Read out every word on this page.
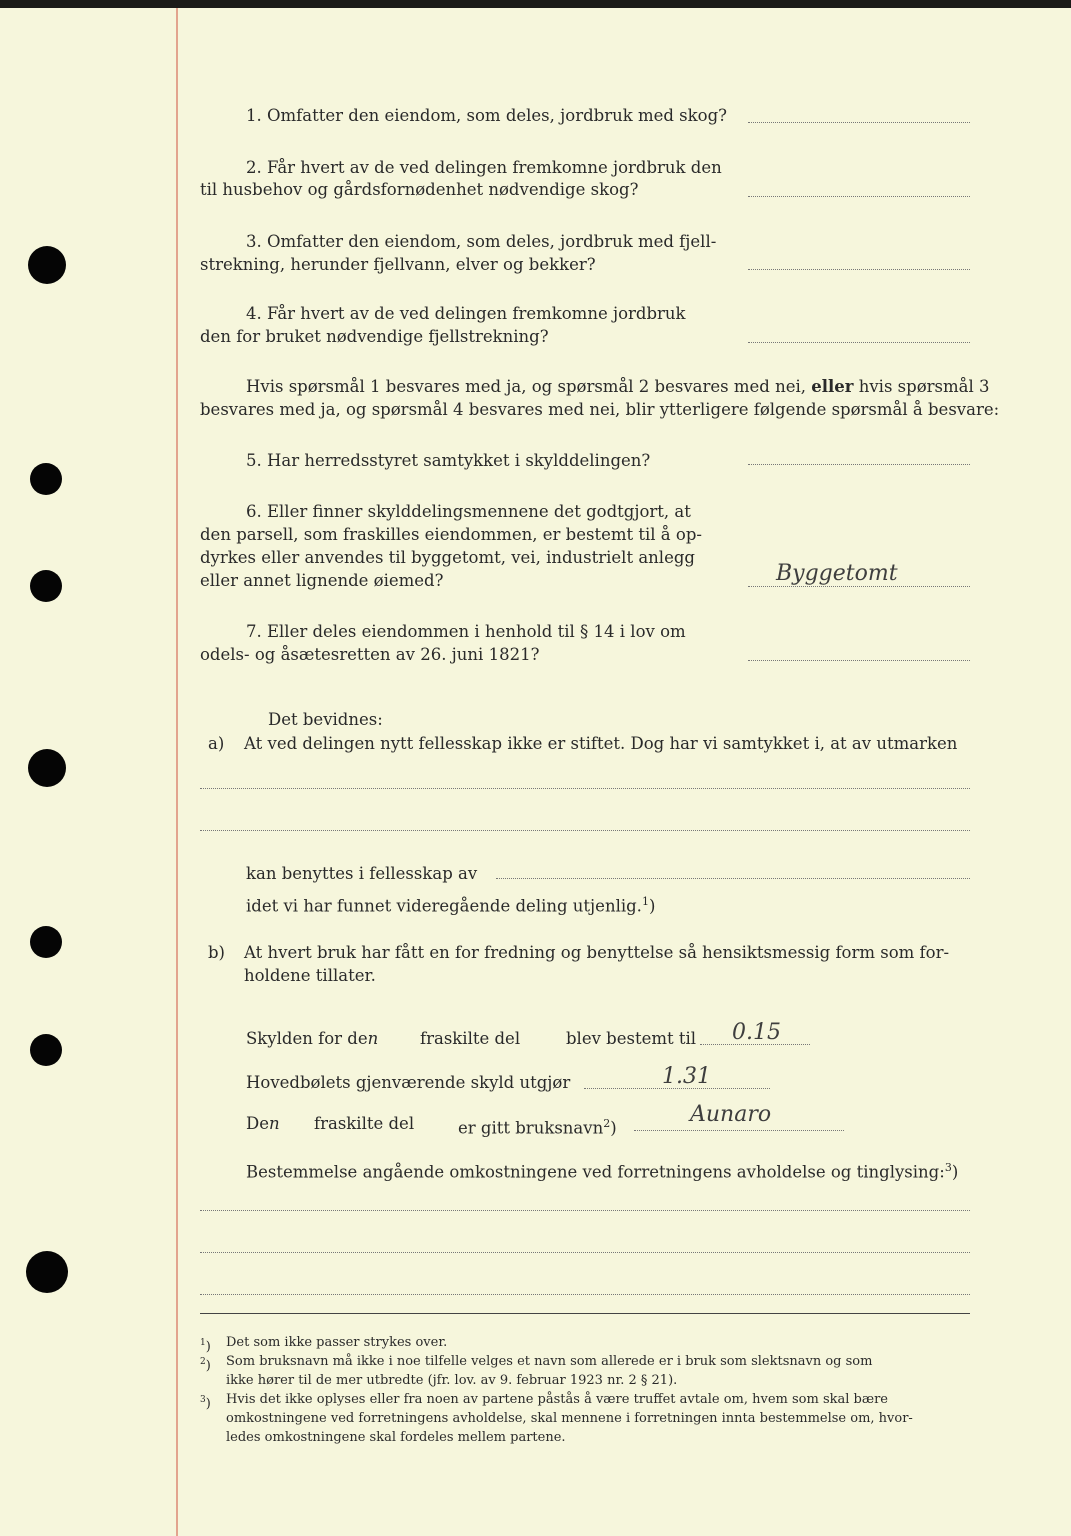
1. Omfatter den eiendom, som deles, jordbruk med skog?
2. Får hvert av de ved delingen fremkomne jordbruk den
til husbehov og gårdsfornødenhet nødvendige skog?
3. Omfatter den eiendom, som deles, jordbruk med fjell-
strekning, herunder fjellvann, elver og bekker?
4. Får hvert av de ved delingen fremkomne jordbruk
den for bruket nødvendige fjellstrekning?
Hvis spørsmål 1 besvares med ja, og spørsmål 2 besvares med nei, eller hvis spørsmål 3
besvares med ja, og spørsmål 4 besvares med nei, blir ytterligere følgende spørsmål å besvare:
5. Har herredsstyret samtykket i skylddelingen?
6. Eller finner skylddelingsmennene det godtgjort, at
den parsell, som fraskilles eiendommen, er bestemt til å op-
dyrkes eller anvendes til byggetomt, vei, industrielt anlegg
eller annet lignende øiemed?	Byggetomt
7. Eller deles eiendommen i henhold til § 14 i lov om
odels- og åsætesretten av 26. juni 1821?
Det bevidnes:
a) At ved delingen nytt fellesskap ikke er stiftet. Dog har vi samtykket i, at av utmarken
kan benyttes i fellesskap av
idet vi har funnet videregående deling utjenlig.$^1$)
b) At hvert bruk har fått en for fredning og benyttelse så hensiktsmessig form som for-
holdene tillater.
Skylden for den	fraskilte del	blev bestemt til 0.15
Hovedbølets gjenværende skyld utgjør	1.31
Den fraskilte del	er gitt bruksnavn$^2$)
Aunaro
Bestemmelse angående omkostningene ved forretningens avholdelse og tinglysing:$^3$)
$^1$) Det som ikke passer strykes over.
$^2$) Som bruksnavn må ikke i noe tilfelle velges et navn som allerede er i bruk som slektsnavn og som
ikke hører til de mer utbredte (jfr. lov. av 9. februar 1923 nr. 2 § 21).
$^3$) Hvis det ikke oplyses eller fra noen av partene påstås å være truffet avtale om, hvem som skal bære
omkostningene ved forretningens avholdelse, skal mennene i forretningen innta bestemmelse om, hvor-
ledes omkostningene skal fordeles mellem partene.
